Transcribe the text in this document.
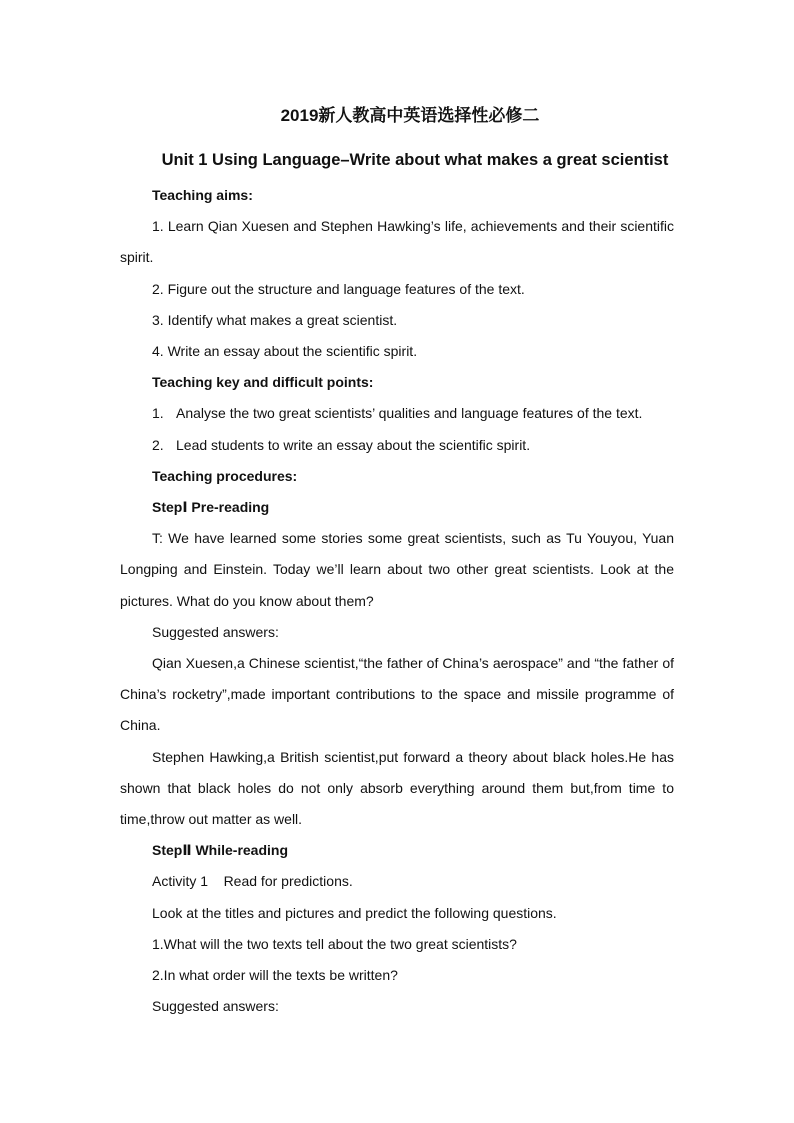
2019新人教高中英语选择性必修二
Unit 1 Using Language–Write about what makes a great scientist

Teaching aims:

1. Learn Qian Xuesen and Stephen Hawking’s life, achievements and their scientific spirit.

2. Figure out the structure and language features of the text.

3. Identify what makes a great scientist.

4. Write an essay about the scientific spirit.

Teaching key and difficult points:

1. Analyse the two great scientists’ qualities and language features of the text.

2. Lead students to write an essay about the scientific spirit.

Teaching procedures:

StepⅠ Pre-reading

T: We have learned some stories some great scientists, such as Tu Youyou, Yuan Longping and Einstein. Today we’ll learn about two other great scientists. Look at the pictures. What do you know about them?

Suggested answers:

Qian Xuesen,a Chinese scientist,“the father of China’s aerospace” and “the father of China’s rocketry”,made important contributions to the space and missile programme of China.

Stephen Hawking,a British scientist,put forward a theory about black holes.He has shown that black holes do not only absorb everything around them but,from time to time,throw out matter as well.

StepⅡ While-reading

Activity 1    Read for predictions.

Look at the titles and pictures and predict the following questions.

1.What will the two texts tell about the two great scientists?

2.In what order will the texts be written?

Suggested answers:
